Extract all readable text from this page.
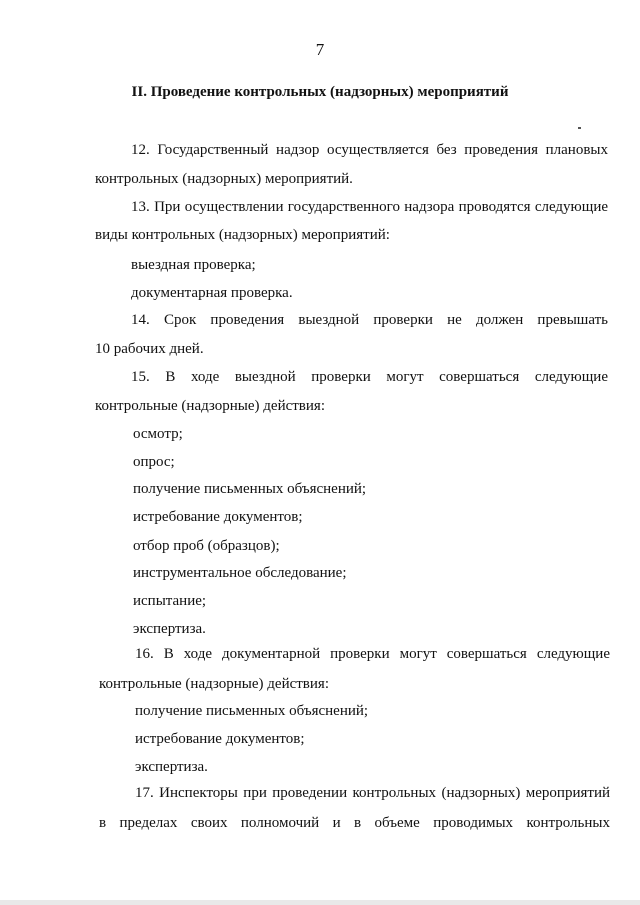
7
II. Проведение контрольных (надзорных) мероприятий
12. Государственный надзор осуществляется без проведения плановых
контрольных (надзорных) мероприятий.
13. При осуществлении государственного надзора проводятся следующие
виды контрольных (надзорных) мероприятий:
выездная проверка;
документарная проверка.
14. Срок проведения выездной проверки не должен превышать
10 рабочих дней.
15. В ходе выездной проверки могут совершаться следующие
контрольные (надзорные) действия:
осмотр;
опрос;
получение письменных объяснений;
истребование документов;
отбор проб (образцов);
инструментальное обследование;
испытание;
экспертиза.
16. В ходе документарной проверки могут совершаться следующие
контрольные (надзорные) действия:
получение письменных объяснений;
истребование документов;
экспертиза.
17. Инспекторы при проведении контрольных (надзорных) мероприятий
в пределах своих полномочий и в объеме проводимых контрольных
